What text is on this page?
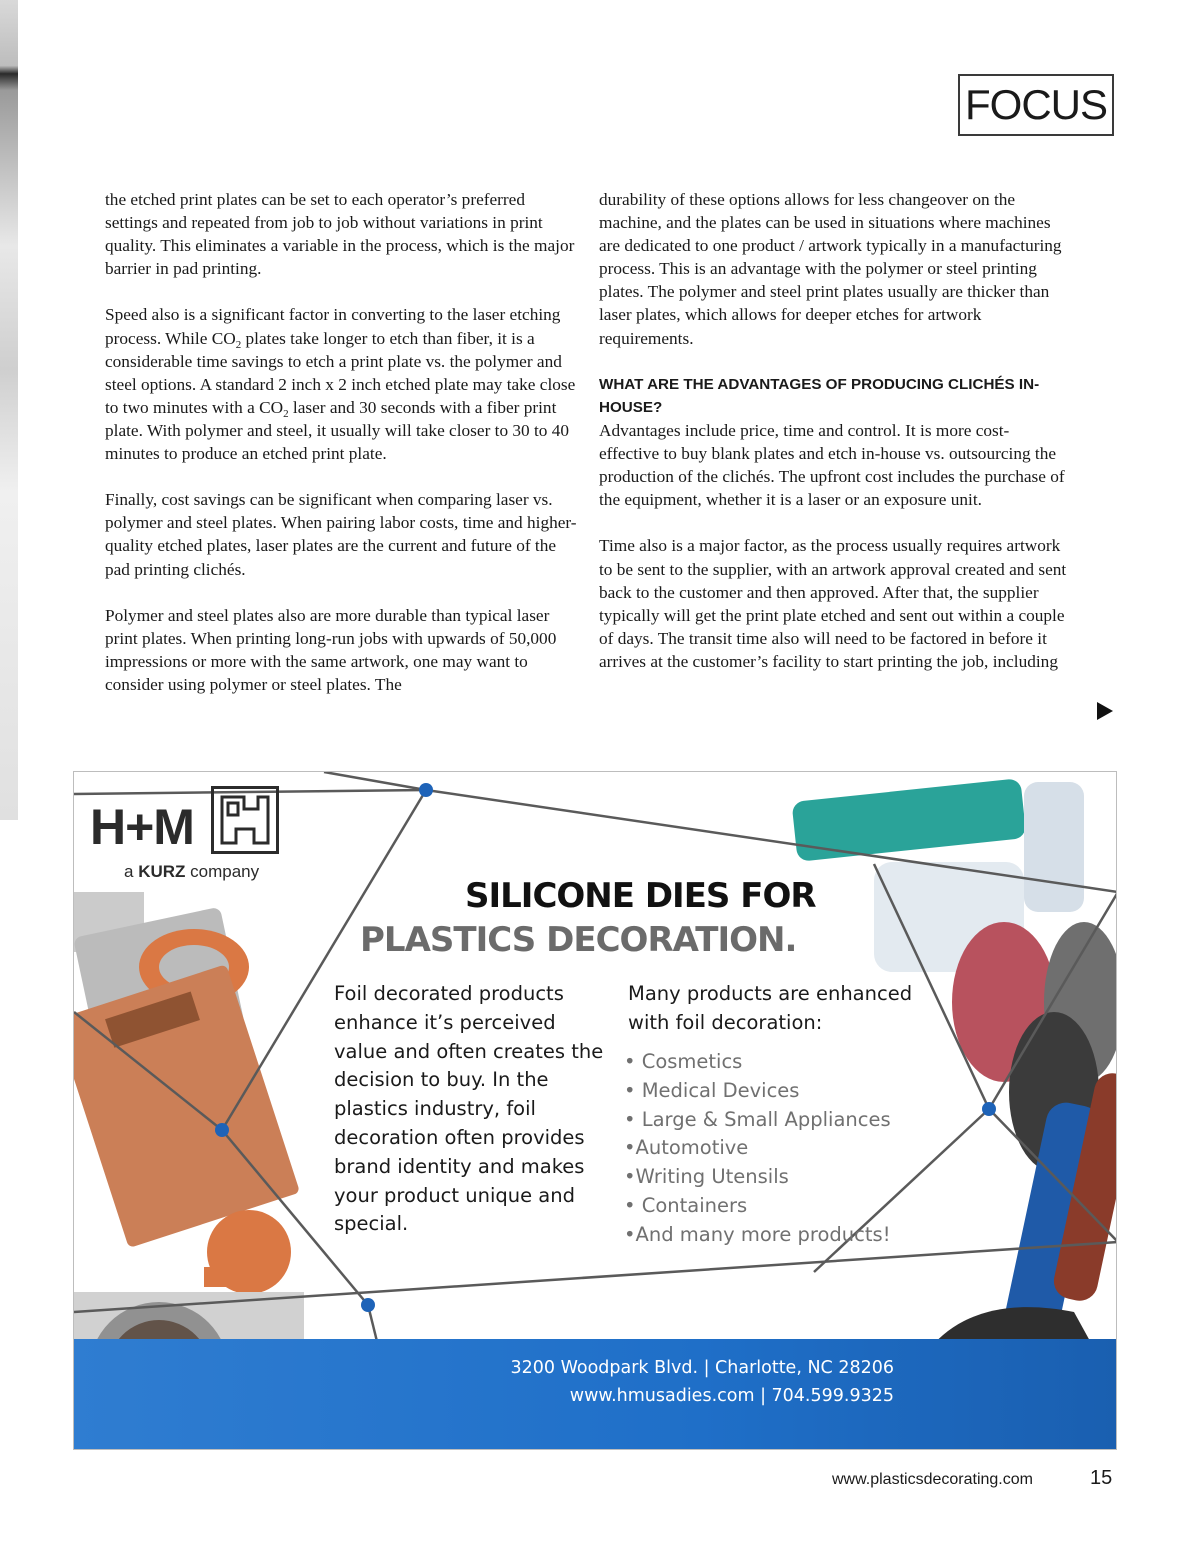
FOCUS

the etched print plates can be set to each operator’s preferred settings and repeated from job to job without variations in print quality. This eliminates a variable in the process, which is the major barrier in pad printing.

Speed also is a significant factor in converting to the laser etching process. While $CO_2$ plates take longer to etch than fiber, it is a considerable time savings to etch a print plate vs. the polymer and steel options. A standard 2 inch x 2 inch etched plate may take close to two minutes with a $CO_2$ laser and 30 seconds with a fiber print plate. With polymer and steel, it usually will take closer to 30 to 40 minutes to produce an etched print plate.

Finally, cost savings can be significant when comparing laser vs. polymer and steel plates. When pairing labor costs, time and higher-quality etched plates, laser plates are the current and future of the pad printing clichés.

Polymer and steel plates also are more durable than typical laser print plates. When printing long-run jobs with upwards of 50,000 impressions or more with the same artwork, one may want to consider using polymer or steel plates. The

durability of these options allows for less changeover on the machine, and the plates can be used in situations where machines are dedicated to one product / artwork typically in a manufacturing process. This is an advantage with the polymer or steel printing plates. The polymer and steel print plates usually are thicker than laser plates, which allows for deeper etches for artwork requirements.

WHAT ARE THE ADVANTAGES OF PRODUCING CLICHÉS IN-HOUSE?

Advantages include price, time and control. It is more cost-effective to buy blank plates and etch in-house vs. outsourcing the production of the clichés. The upfront cost includes the purchase of the equipment, whether it is a laser or an exposure unit.

Time also is a major factor, as the process usually requires artwork to be sent to the supplier, with an artwork approval created and sent back to the customer and then approved. After that, the supplier typically will get the print plate etched and sent out within a couple of days. The transit time also will need to be factored in before it arrives at the customer’s facility to start printing the job, including

H+M
a KURZ company
SILICONE DIES FOR
PLASTICS DECORATION.
Foil decorated products enhance it’s perceived value and often creates the decision to buy. In the plastics industry, foil decoration often provides brand identity and makes your product unique and special.
Many products are enhanced with foil decoration:
• Cosmetics
• Medical Devices
• Large & Small Appliances
•Automotive
•Writing Utensils
• Containers
•And many more products!
3200 Woodpark Blvd. | Charlotte, NC 28206
www.hmusadies.com | 704.599.9325
www.plasticsdecorating.com	15
